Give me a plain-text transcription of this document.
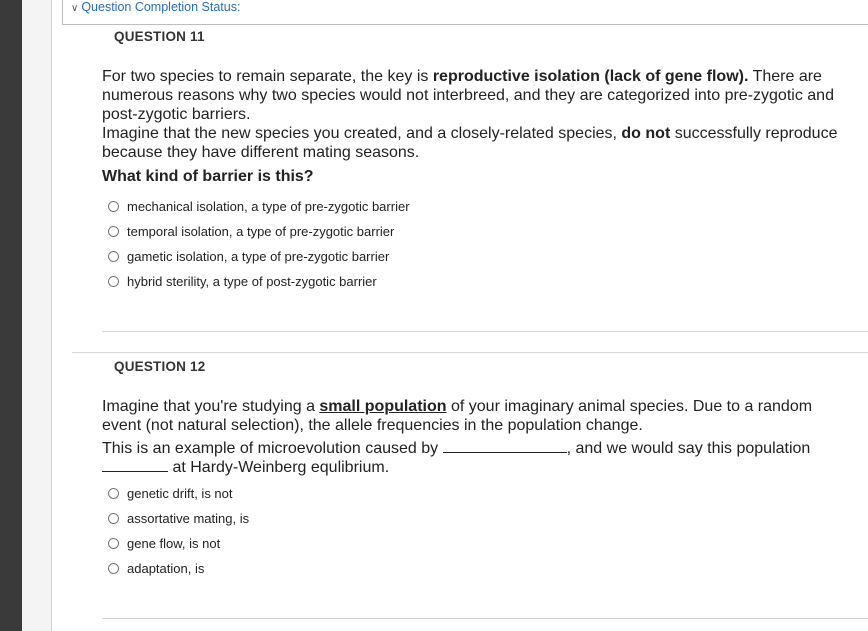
∨ Question Completion Status:
QUESTION 11

For two species to remain separate, the key is reproductive isolation (lack of gene flow). There are numerous reasons why two species would not interbreed, and they are categorized into pre-zygotic and post-zygotic barriers.

Imagine that the new species you created, and a closely-related species, do not successfully reproduce because they have different mating seasons.

What kind of barrier is this?

mechanical isolation, a type of pre-zygotic barrier
temporal isolation, a type of pre-zygotic barrier
gametic isolation, a type of pre-zygotic barrier
hybrid sterility, a type of post-zygotic barrier
QUESTION 12

Imagine that you're studying a small population of your imaginary animal species. Due to a random event (not natural selection), the allele frequencies in the population change.

This is an example of microevolution caused by	, and we would say this population  at Hardy-Weinberg equlibrium.

genetic drift, is not
assortative mating, is
gene flow, is not
adaptation, is
